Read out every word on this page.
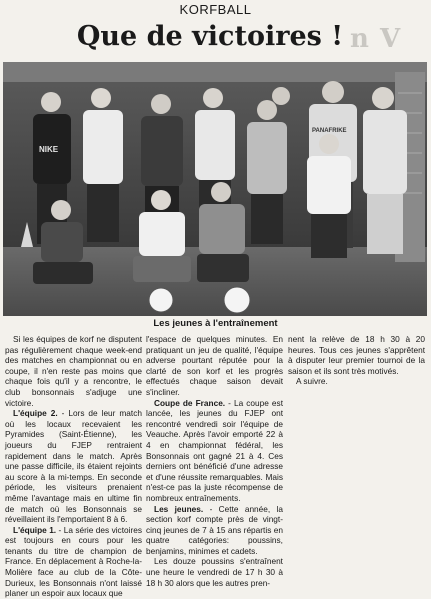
KORFBALL
Que de victoires ! n V
NIKE
PANAFRIKE
Les jeunes à l'entraînement

Si les équipes de korf ne disputent pas régulièrement chaque week-end des matches en championnat ou en coupe, il n'en reste pas moins que chaque fois qu'il y a rencontre, le club bonsonnais s'adjuge une victoire.

L'équipe 2. - Lors de leur match où les locaux recevaient les Pyramides (Saint-Étienne), les joueurs du FJEP rentraient rapidement dans le match. Après une passe difficile, ils étaient rejoints au score à la mi-temps. En seconde période, les visiteurs prenaient même l'avantage mais en ultime fin de match où les Bonsonnais se réveillaient ils l'emportaient 8 à 6.

L'équipe 1. - La série des victoires est toujours en cours pour les tenants du titre de champion de France. En déplacement à Roche-la-Molière face au club de la Côte-Durieux, les Bonsonnais n'ont laissé planer un espoir aux locaux que

l'espace de quelques minutes. En pratiquant un jeu de qualité, l'équipe adverse pourtant réputée pour la clarté de son korf et les progrès effectués chaque saison devait s'incliner.

Coupe de France. - La coupe est lancée, les jeunes du FJEP ont rencontré vendredi soir l'équipe de Veauche. Après l'avoir emporté 22 à 4 en championnat fédéral, les Bonsonnais ont gagné 21 à 4. Ces derniers ont bénéficié d'une adresse et d'une réussite remarquables. Mais n'est-ce pas la juste récompense de nombreux entraînements.

Les jeunes. - Cette année, la section korf compte près de vingt-cinq jeunes de 7 à 15 ans répartis en quatre catégories: poussins, benjamins, minimes et cadets.

Les douze poussins s'entraînent une heure le vendredi de 17 h 30 à 18 h 30 alors que les autres pren-

nent la relève de 18 h 30 à 20 heures. Tous ces jeunes s'apprêtent à disputer leur premier tournoi de la saison et ils sont très motivés.

A suivre.
